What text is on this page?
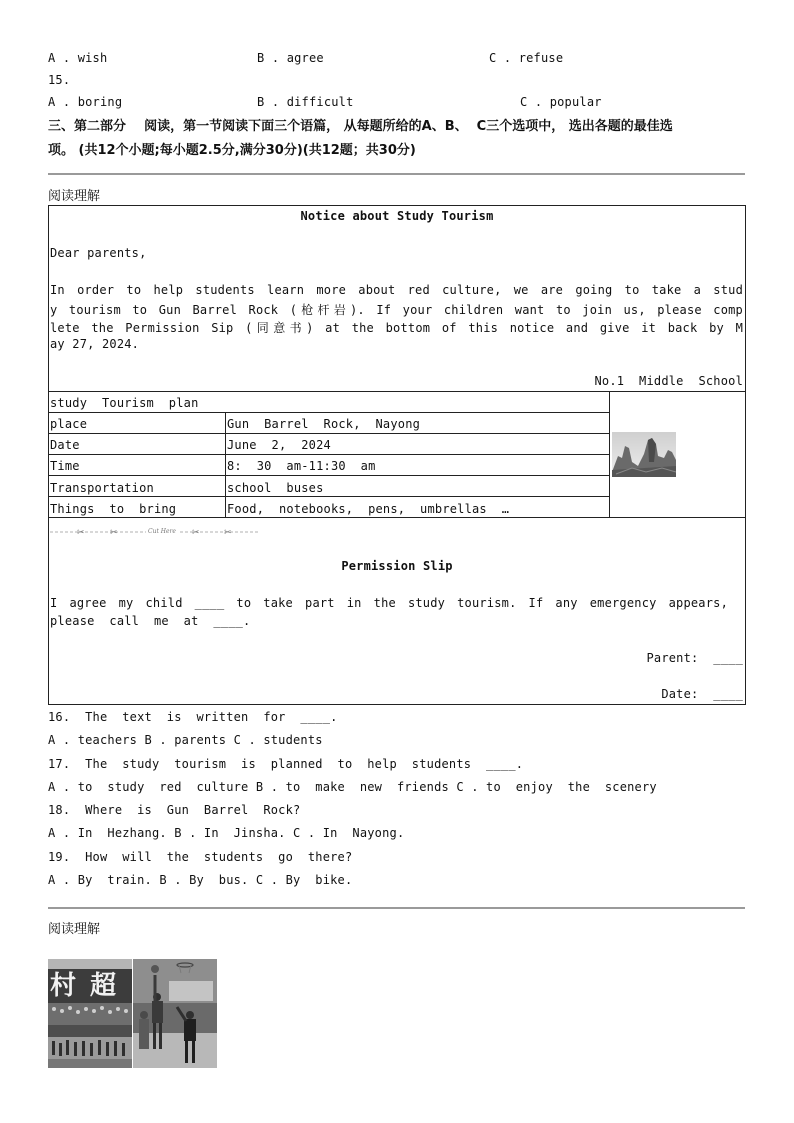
A . wish	B . agree	C . refuse
15.
A . boring	B . difficult	C . popular
三、第二部分    阅读，第一节阅读下面三个语篇， 从每题所给的A、B、  C三个选项中， 选出各题的最佳选
项。 (共12个小题;每小题2.5分,满分30分)(共12题；共30分)
阅读理解
Notice about Study Tourism
Dear parents,
In order to help students learn more about red culture, we are going to take a stud
y tourism to Gun Barrel Rock (枪杆岩). If your children want to join us, please comp
lete the Permission Sip (同意书) at the bottom of this notice and give it back by M
ay 27, 2024.
No.1  Middle  School
study  Tourism  plan
place	Gun  Barrel  Rock,  Nayong
Date	June  2,  2024
Time	8:  30  am-11:30  am
Transportation	school  buses
Things  to  bring	Food,  notebooks,  pens,  umbrellas  …
✂	✂	✂	✂
Cut Here
Permission Slip
I agree my child ____ to take part in the study tourism. If any emergency appears,
please  call  me  at  ____.
Parent:  ____
Date:  ____
16.  The  text  is  written  for  ____.
A . teachers B . parents C . students
17.  The  study  tourism  is  planned  to  help  students  ____.
A . to  study  red  culture B . to  make  new  friends C . to  enjoy  the  scenery
18.  Where  is  Gun  Barrel  Rock?
A . In  Hezhang. B . In  Jinsha. C . In  Nayong.
19.  How  will  the  students  go  there?
A . By  train. B . By  bus. C . By  bike.
阅读理解
村超
